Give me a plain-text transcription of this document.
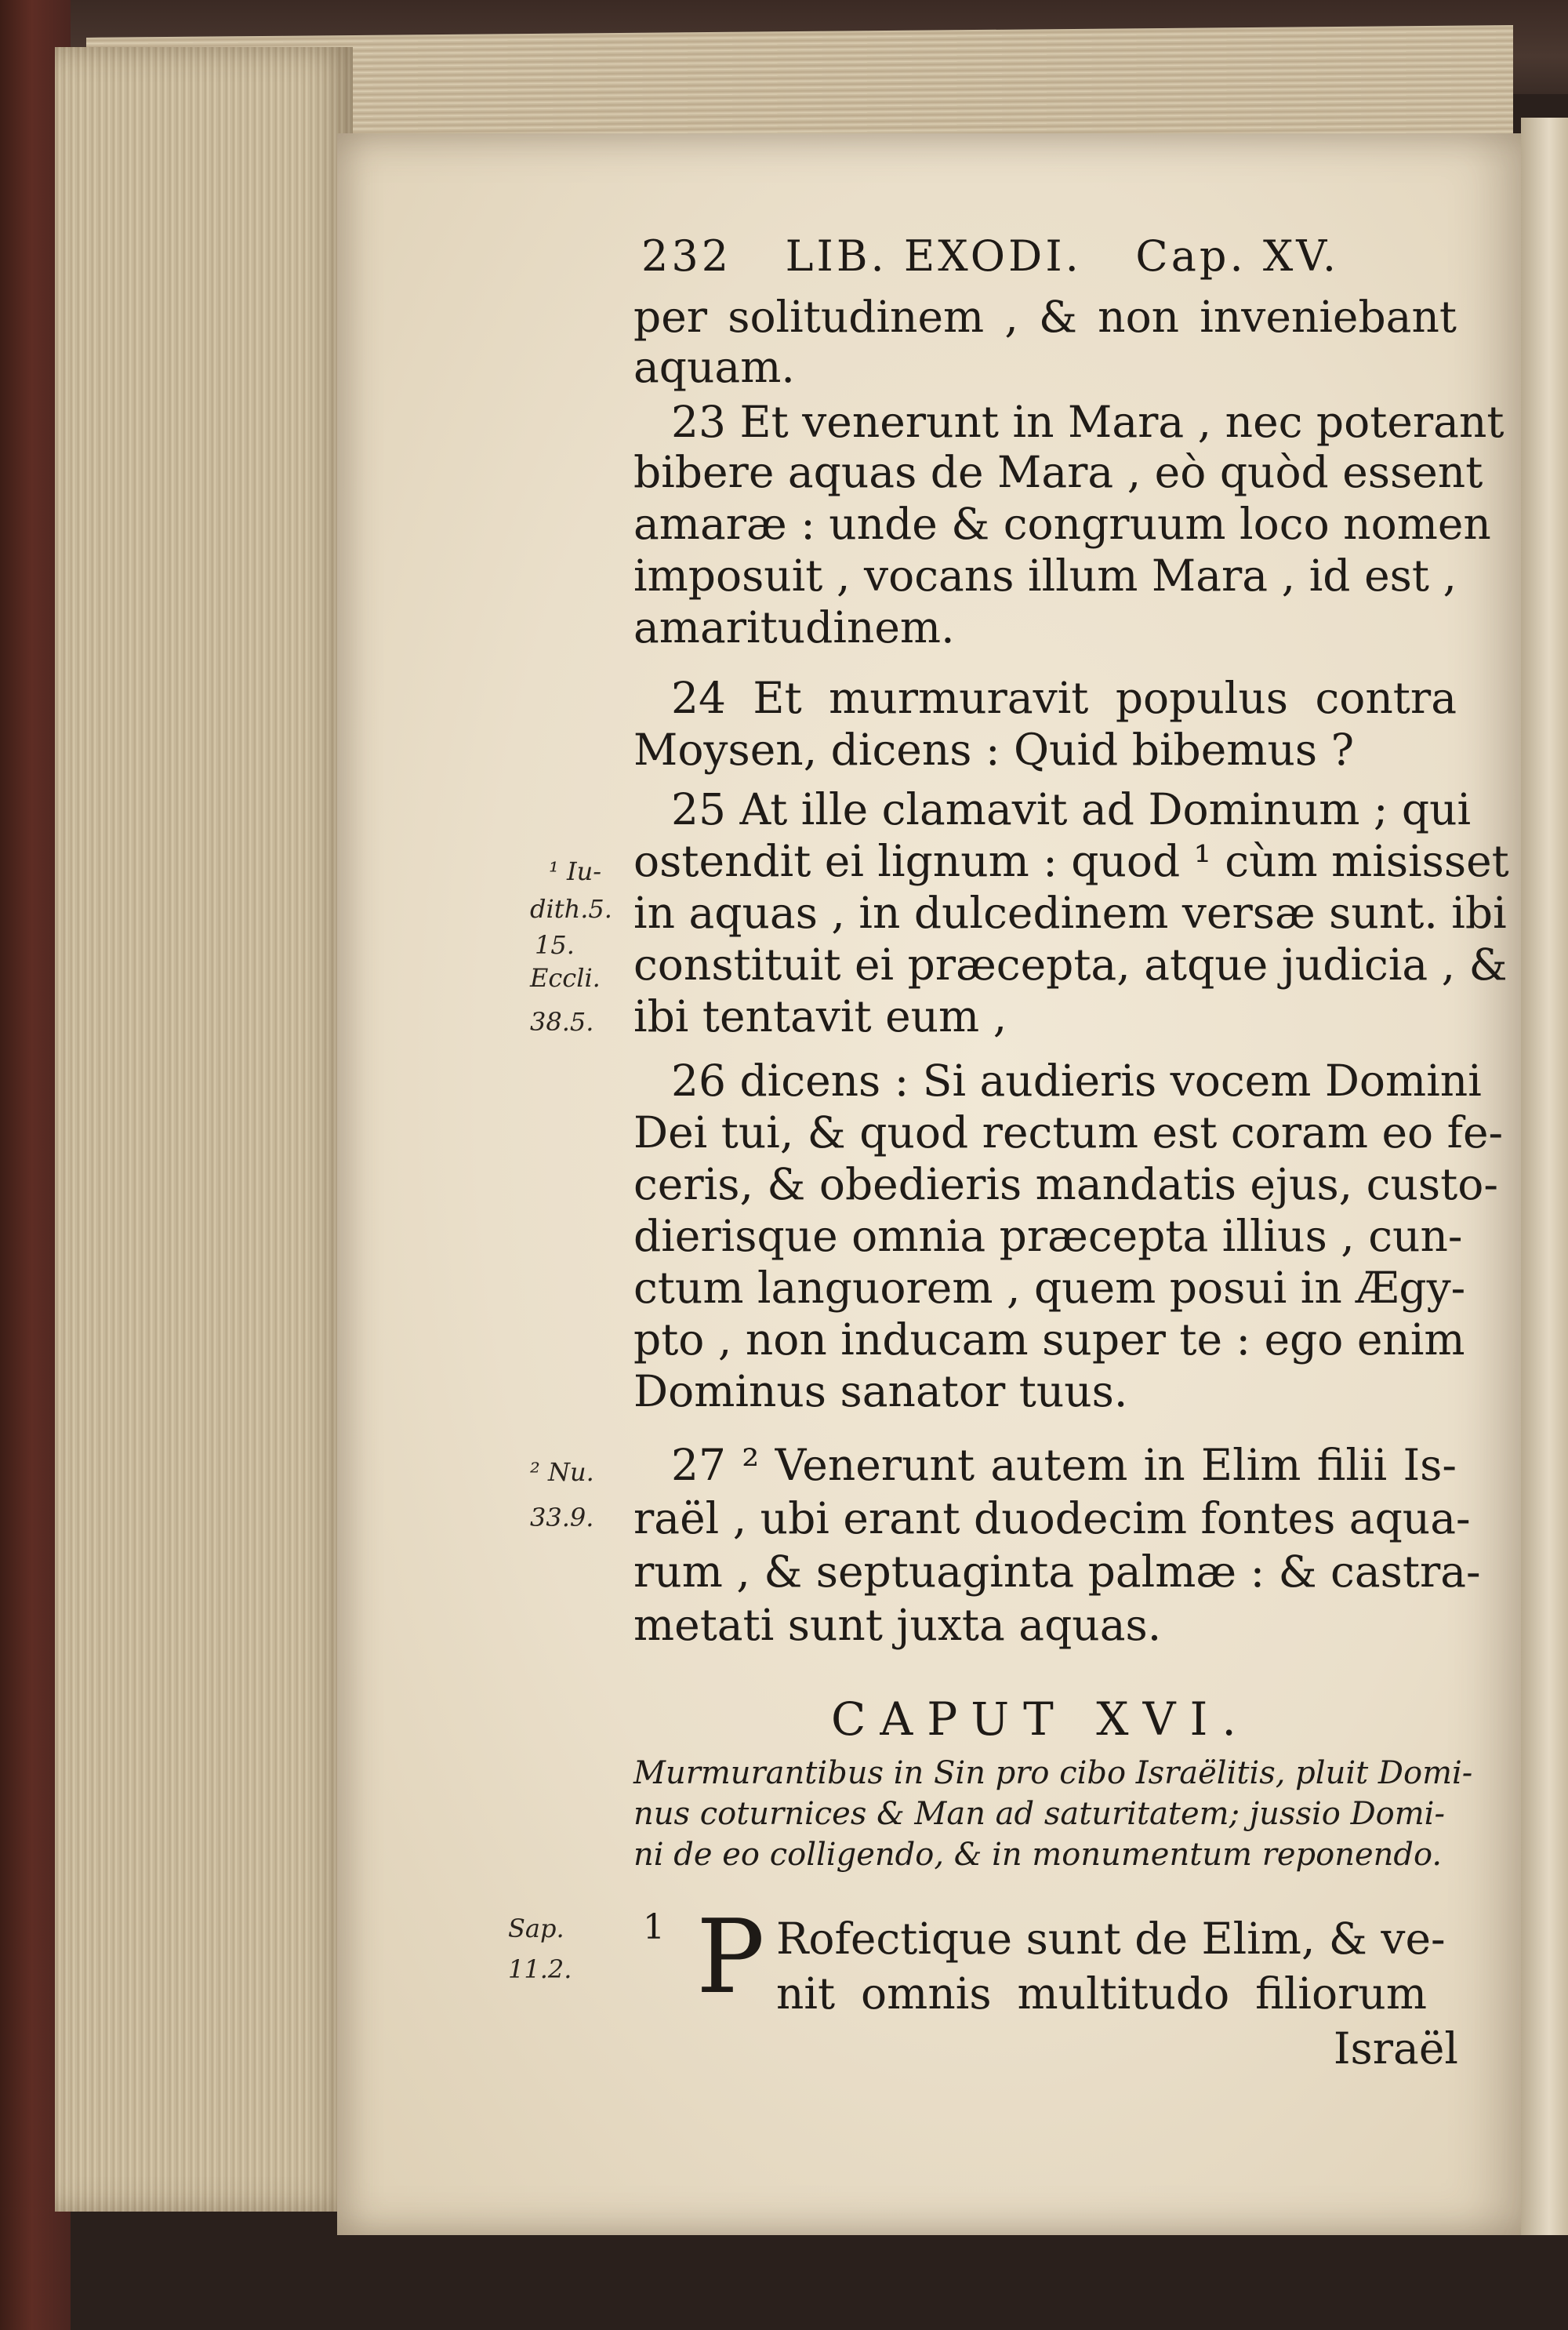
232 LIB. EXODI. Cap. XV.

per solitudinem , & non inveniebant

aquam.

23 Et venerunt in Mara , nec poterant

bibere aquas de Mara , eò quòd essent

amaræ : unde & congruum loco nomen

imposuit , vocans illum Mara , id est ,

amaritudinem.

24 Et murmuravit populus contra

Moysen, dicens : Quid bibemus ?

25 At ille clamavit ad Dominum ; qui

ostendit ei lignum : quod ¹ cùm misisset

in aquas , in dulcedinem versæ sunt. ibi

constituit ei præcepta, atque judicia , &

ibi tentavit eum ,

26 dicens : Si audieris vocem Domini

Dei tui, & quod rectum est coram eo fe-

ceris, & obedieris mandatis ejus, custo-

dierisque omnia præcepta illius , cun-

ctum languorem , quem posui in Ægy-

pto , non inducam super te : ego enim

Dominus sanator tuus.

27 ² Venerunt autem in Elim filii Is-

raël , ubi erant duodecim fontes aqua-

rum , & septuaginta palmæ : & castra-

metati sunt juxta aquas.

¹ Iu-

dith.5.

15.

Eccli.

38.5.

² Nu.

33.9.

Sap.

11.2.

CAPUT XVI.

Murmurantibus in Sin pro cibo Israëlitis, pluit Domi-

nus coturnices & Man ad saturitatem; jussio Domi-

ni de eo colligendo, & in monumentum reponendo.

1 P Rofectique sunt de Elim, & ve-

nit omnis multitudo filiorum

Israël
